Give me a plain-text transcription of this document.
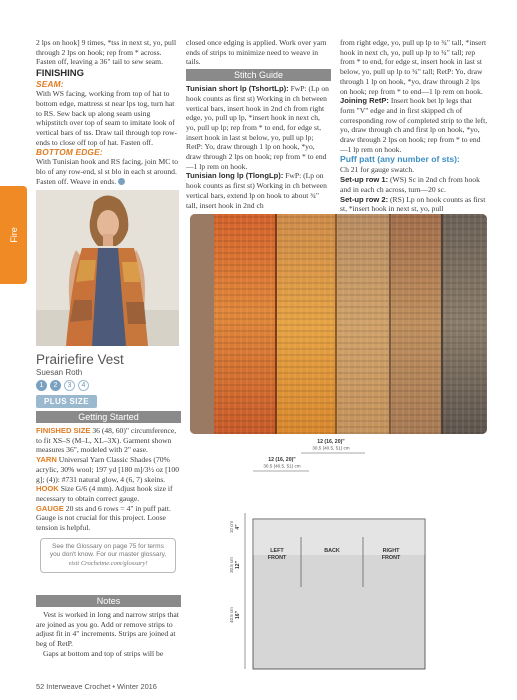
Fire

2 lps on hook] 9 times, *tss in next st, yo, pull through 2 lps on hook; rep from * across. Fasten off, leaving a 36" tail to sew seam.

FINISHING
SEAM:

With WS facing, working from top of hat to bottom edge, mattress st near lps tog, turn hat to RS. Sew back up along seam using whipstitch over top of seam to imitate look of vertical bars of tss. Draw tail through top row-ends to close off top of hat. Fasten off.

BOTTOM EDGE:

With Tunisian hook and RS facing, join MC to blo of any row-end, sl st blo in each st around. Fasten off. Weave in ends.

closed once edging is applied. Work over yarn ends of strips to minimize need to weave in tails.

Stitch Guide

Tunisian short lp (TshortLp): FwP: (Lp on hook counts as first st) Working in ch between vertical bars, insert hook in 2nd ch from right edge, yo, pull up lp, *insert hook in next ch, yo, pull up lp; rep from * to end, for edge st, insert hook in last st below, yo, pull up lp; RetP: Yo, draw through 1 lp on hook, *yo, draw through 2 lps on hook; rep from * to end—1 lp rem on hook.

Tunisian long lp (TlongLp): FwP: (Lp on hook counts as first st) Working in ch between vertical bars, extend lp on hook to about ¾" tall, insert hook in 2nd ch

from right edge, yo, pull up lp to ¾" tall, *insert hook in next ch, yo, pull up lp to ¾" tall; rep from * to end, for edge st, insert hook in last st below, yo, pull up lp to ¾" tall; RetP: Yo, draw through 1 lp on hook, *yo, draw through 2 lps on hook; rep from * to end—1 lp rem on hook.

Joining RetP: Insert hook bet lp legs that form "V" edge and in first skipped ch of corresponding row of completed strip to the left, yo, draw through ch and first lp on hook, *yo, draw through 2 lps on hook; rep from * to end—1 lp rem on hook.

Puff patt (any number of sts):

Ch 21 for gauge swatch.

Set-up row 1: (WS) Sc in 2nd ch from hook and in each ch across, turn—20 sc.

Set-up row 2: (RS) Lp on hook counts as first st, *insert hook in next st, yo, pull

Prairiefire Vest
Suesan Roth
1	2	3	4
PLUS SIZE
Getting Started

FINISHED SIZE 36 (48, 60)" circumference, to fit XS–S (M–L, XL–3X). Garment shown measures 36", modeled with 2" ease.

YARN Universal Yarn Classic Shades (70% acrylic, 30% wool; 197 yd [180 m]/3½ oz [100 g]; (4)): #731 natural glow, 4 (6, 7) skeins.

HOOK Size G/6 (4 mm). Adjust hook size if necessary to obtain correct gauge.

GAUGE 20 sts and 6 rows = 4" in puff patt. Gauge is not crucial for this project. Loose tension is helpful.

See the Glossary on page 75 for terms you don't know. For our master glossary, visit Crochetme.com/glossary!
Notes

Vest is worked in long and narrow strips that are joined as you go. Add or remove strips to adjust fit in 4" increments. Strips are joined at beg of RetP.

Gaps at bottom and top of strips will be

12 (16, 20)"
30.5 (40.5, 51) cm
12 (16, 20)"
30.5 (40.5, 51) cm
LEFT
FRONT
BACK	RIGHT
FRONT
4"
10 cm
12"
30.5 cm
16"
40.5 cm
52 Interweave Crochet • Winter 2016
